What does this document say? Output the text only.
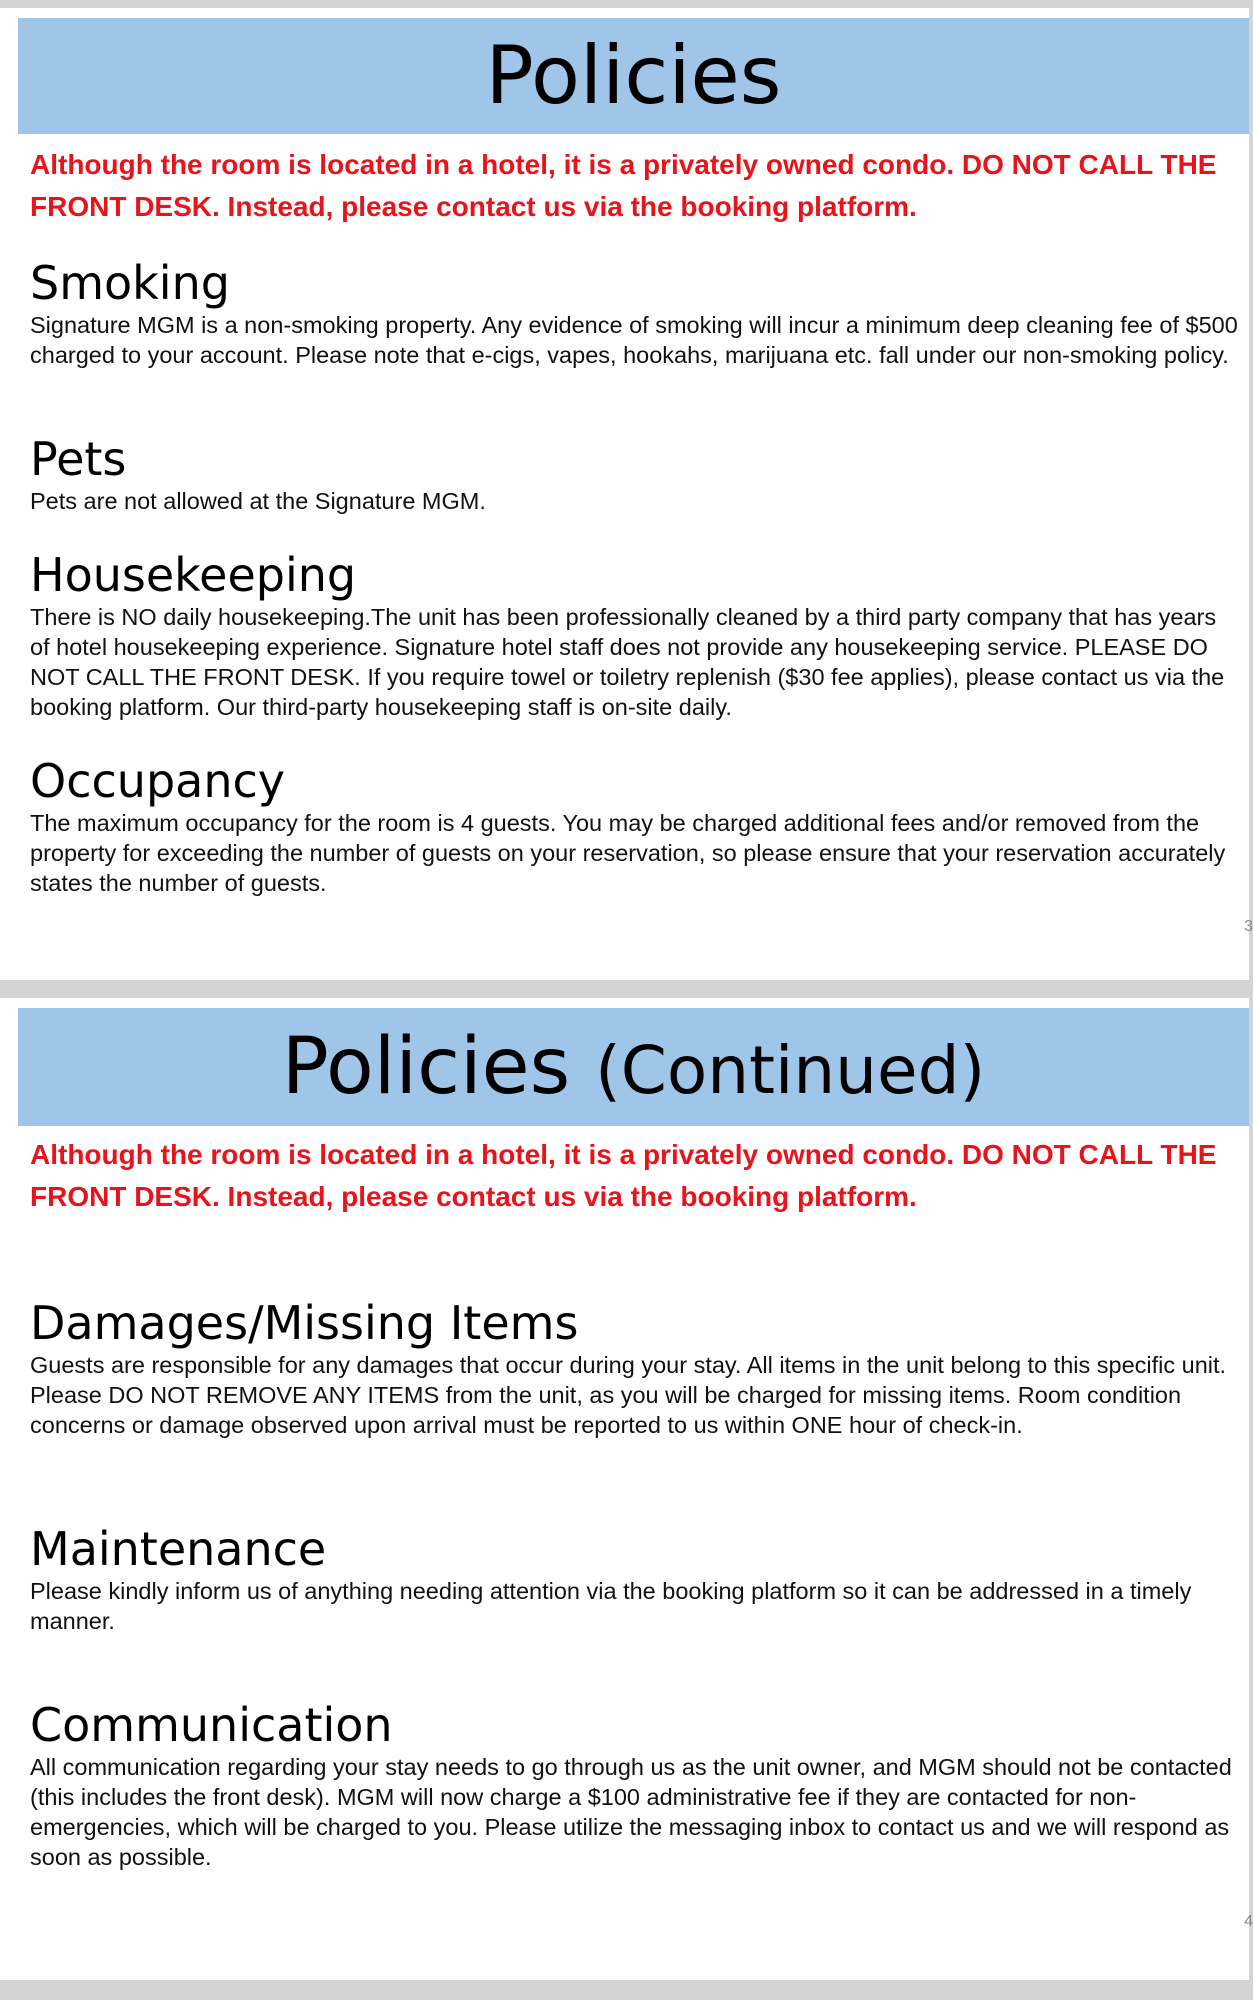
Policies
Although the room is located in a hotel, it is a privately owned condo. DO NOT CALL THE FRONT DESK. Instead, please contact us via the booking platform.
Smoking

Signature MGM is a non-smoking property. Any evidence of smoking will incur a minimum deep cleaning fee of $500 charged to your account. Please note that e-cigs, vapes, hookahs, marijuana etc. fall under our non-smoking policy.

Pets

Pets are not allowed at the Signature MGM.

Housekeeping

There is NO daily housekeeping.The unit has been professionally cleaned by a third party company that has years of hotel housekeeping experience. Signature hotel staff does not provide any housekeeping service. PLEASE DO NOT CALL THE FRONT DESK. If you require towel or toiletry replenish ($30 fee applies), please contact us via the booking platform. Our third-party housekeeping staff is on-site daily.

Occupancy

The maximum occupancy for the room is 4 guests. You may be charged additional fees and/or removed from the property for exceeding the number of guests on your reservation, so please ensure that your reservation accurately states the number of guests.

3
Policies (Continued)
Although the room is located in a hotel, it is a privately owned condo. DO NOT CALL THE FRONT DESK. Instead, please contact us via the booking platform.
Damages/Missing Items

Guests are responsible for any damages that occur during your stay. All items in the unit belong to this specific unit. Please DO NOT REMOVE ANY ITEMS from the unit, as you will be charged for missing items. Room condition concerns or damage observed upon arrival must be reported to us within ONE hour of check-in.

Maintenance

Please kindly inform us of anything needing attention via the booking platform so it can be addressed in a timely manner.

Communication

All communication regarding your stay needs to go through us as the unit owner, and MGM should not be contacted (this includes the front desk). MGM will now charge a $100 administrative fee if they are contacted for non-emergencies, which will be charged to you. Please utilize the messaging inbox to contact us and we will respond as soon as possible.

4
